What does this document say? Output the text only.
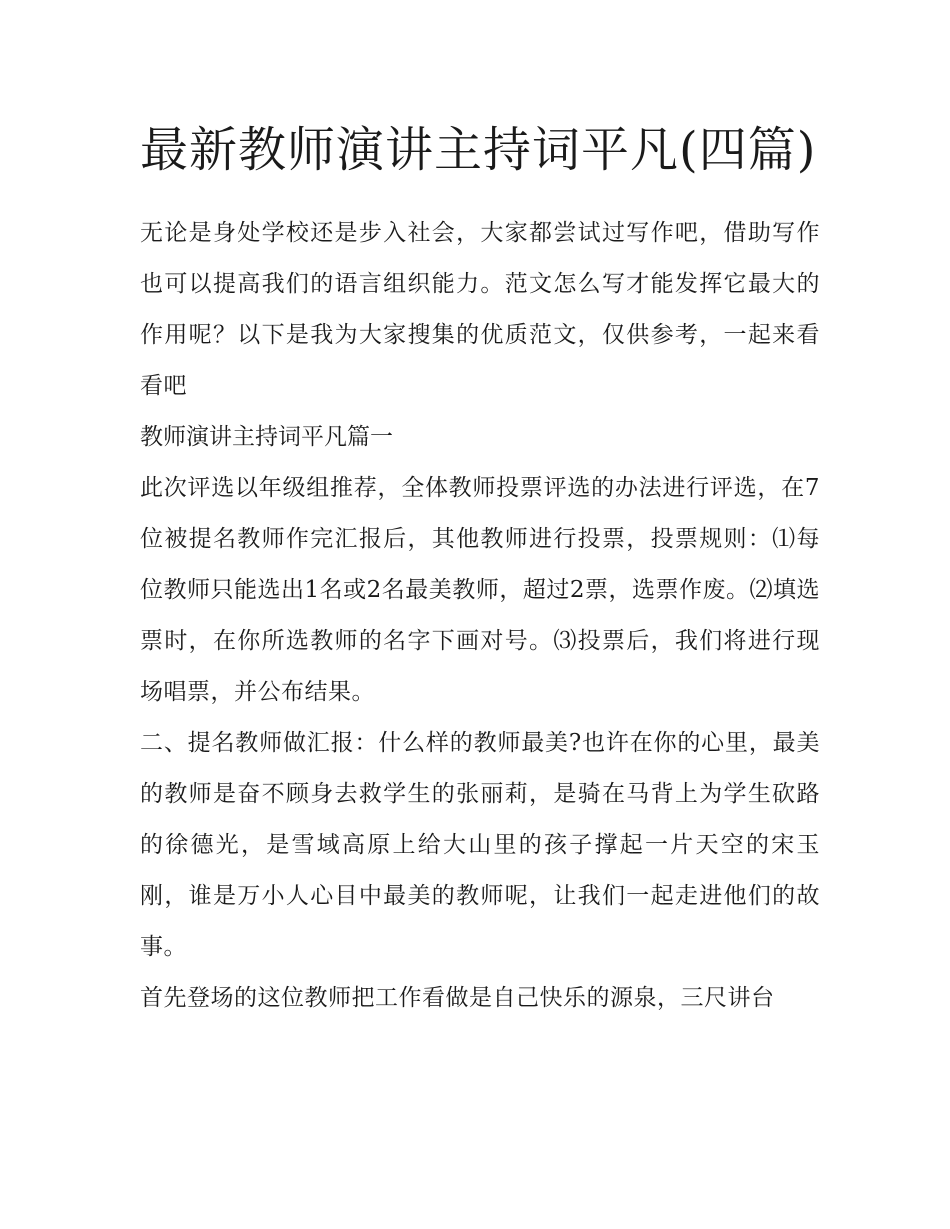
最新教师演讲主持词平凡(四篇)

无论是身处学校还是步入社会，大家都尝试过写作吧，借助写作也可以提高我们的语言组织能力。范文怎么写才能发挥它最大的作用呢？以下是我为大家搜集的优质范文，仅供参考，一起来看看吧

教师演讲主持词平凡篇一

此次评选以年级组推荐，全体教师投票评选的办法进行评选，在7位被提名教师作完汇报后，其他教师进行投票，投票规则：⑴每位教师只能选出1名或2名最美教师，超过2票，选票作废。⑵填选票时，在你所选教师的名字下画对号。⑶投票后，我们将进行现场唱票，并公布结果。

二、提名教师做汇报：什么样的教师最美?也许在你的心里，最美的教师是奋不顾身去救学生的张丽莉，是骑在马背上为学生砍路的徐德光，是雪域高原上给大山里的孩子撑起一片天空的宋玉刚，谁是万小人心目中最美的教师呢，让我们一起走进他们的故事。

首先登场的这位教师把工作看做是自己快乐的源泉，三尺讲台
